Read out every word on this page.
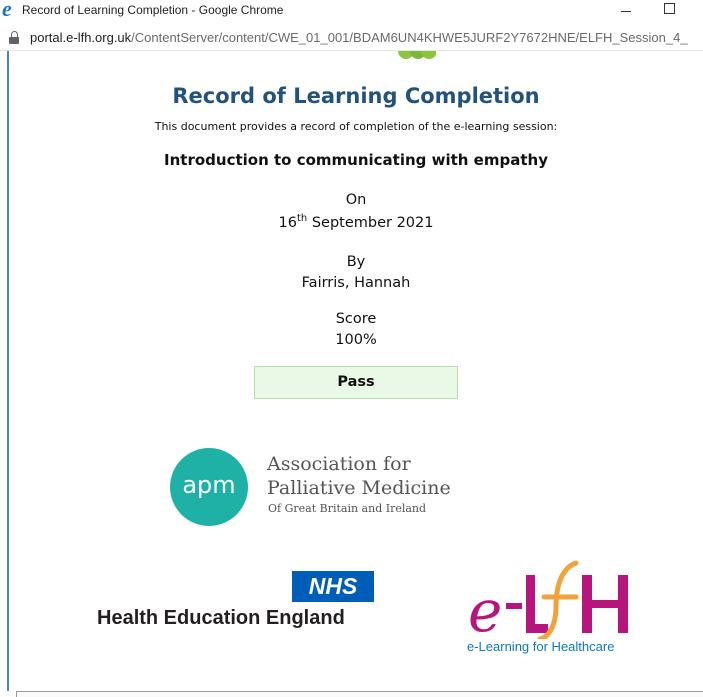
e Record of Learning Completion - Google Chrome
portal.e-lfh.org.uk/ContentServer/content/CWE_01_001/BDAM6UN4KHWE5JURF2Y7672HNE/ELFH_Session_4_
Record of Learning Completion
This document provides a record of completion of the e-learning session:
Introduction to communicating with empathy
On
16th September 2021
By
Fairris, Hannah
Score
100%
Pass
apm
Association for
Palliative Medicine
Of Great Britain and Ireland
NHS
Health Education England e
e-Learning for Healthcare
